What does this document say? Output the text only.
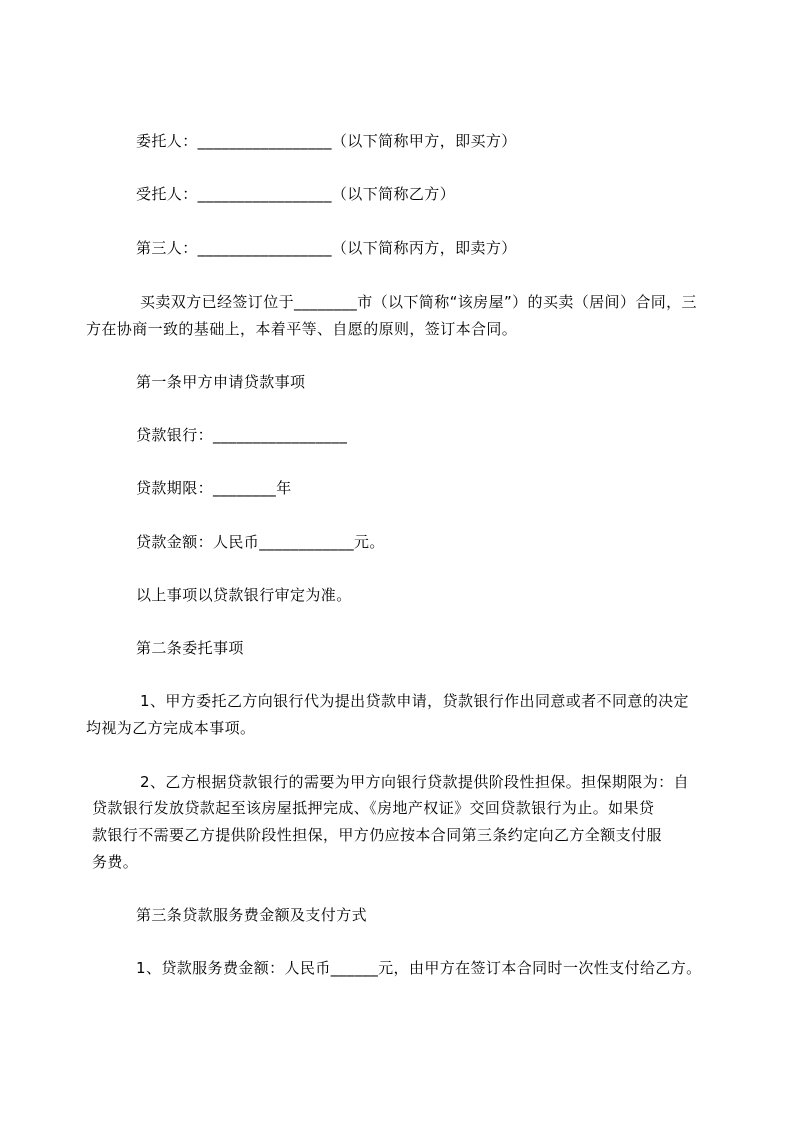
委托人：_________________（以下简称甲方，即买方）
受托人：_________________（以下简称乙方）
第三人：_________________（以下简称丙方，即卖方）
买卖双方已经签订位于________市（以下简称“该房屋”）的买卖（居间）合同，三
方在协商一致的基础上，本着平等、自愿的原则，签订本合同。
第一条甲方申请贷款事项
贷款银行：_________________
贷款期限：________年
贷款金额：人民币____________元。
以上事项以贷款银行审定为准。
第二条委托事项
1、甲方委托乙方向银行代为提出贷款申请，贷款银行作出同意或者不同意的决定
均视为乙方完成本事项。
2、乙方根据贷款银行的需要为甲方向银行贷款提供阶段性担保。担保期限为：自
贷款银行发放贷款起至该房屋抵押完成、《房地产权证》交回贷款银行为止。如果贷
款银行不需要乙方提供阶段性担保，甲方仍应按本合同第三条约定向乙方全额支付服
务费。
第三条贷款服务费金额及支付方式
1、贷款服务费金额：人民币______元，由甲方在签订本合同时一次性支付给乙方。
